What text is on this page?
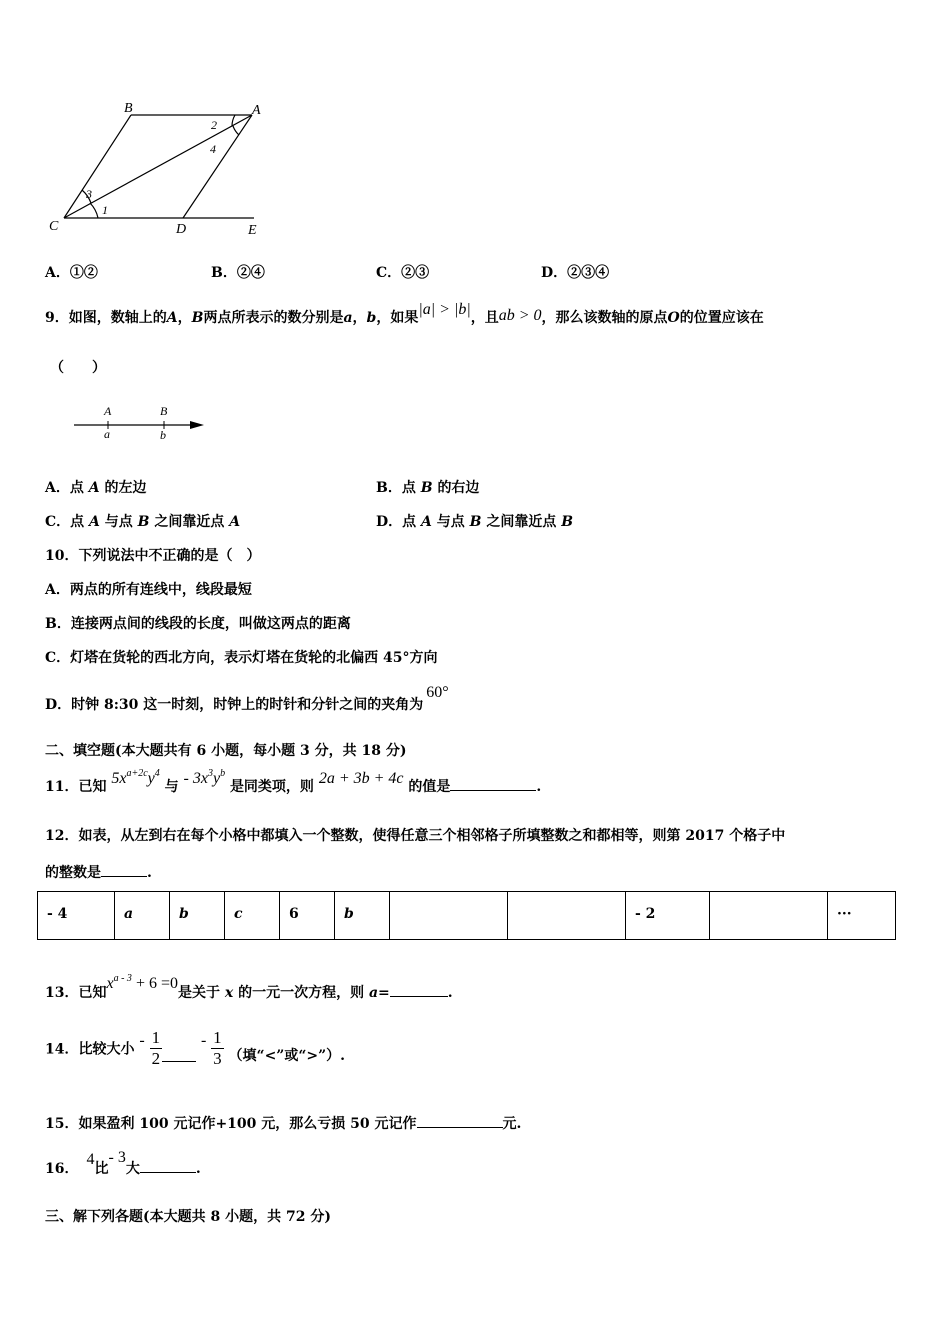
B	A
C	D	E
1
2
3
4
A．①②	B．②④	C．②③	D．②③④
9．如图，数轴上的A，B两点所表示的数分别是a，b，如果|a| > |b|，且ab > 0，那么该数轴的原点O的位置应该在
（　　）
A
a
B
b
A．点 A 的左边	B．点 B 的右边
C．点 A 与点 B 之间靠近点 A	D．点 A 与点 B 之间靠近点 B
10．下列说法中不正确的是（　）
A．两点的所有连线中，线段最短
B．连接两点间的线段的长度，叫做这两点的距离
C．灯塔在货轮的西北方向，表示灯塔在货轮的北偏西 45°方向
D．时钟 8:30 这一时刻，时钟上的时针和分针之间的夹角为60°
二、填空题(本大题共有 6 小题，每小题 3 分，共 18 分)
11．已知 $5x^{a+2c}y^4$ 与 - $3x^3y^b$ 是同类项，则 2a + 3b + 4c 的值是	.
12．如表，从左到右在每个小格中都填入一个整数，使得任意三个相邻格子所填整数之和都相等，则第 2017 个格子中
的整数是	.
- 4	a	b	c	6	b			- 2		···
13．已知$x^{a - 3} + 6 =0$是关于 x 的一元一次方程，则 a=	.
14．比较大小 - $\frac{1}{2} - \frac{1}{3}$ （填“<”或“>”）.
15．如果盈利 100 元记作+100 元，那么亏损 50 元记作	元.
16．4比- 3大	.
三、解下列各题(本大题共 8 小题，共 72 分)
